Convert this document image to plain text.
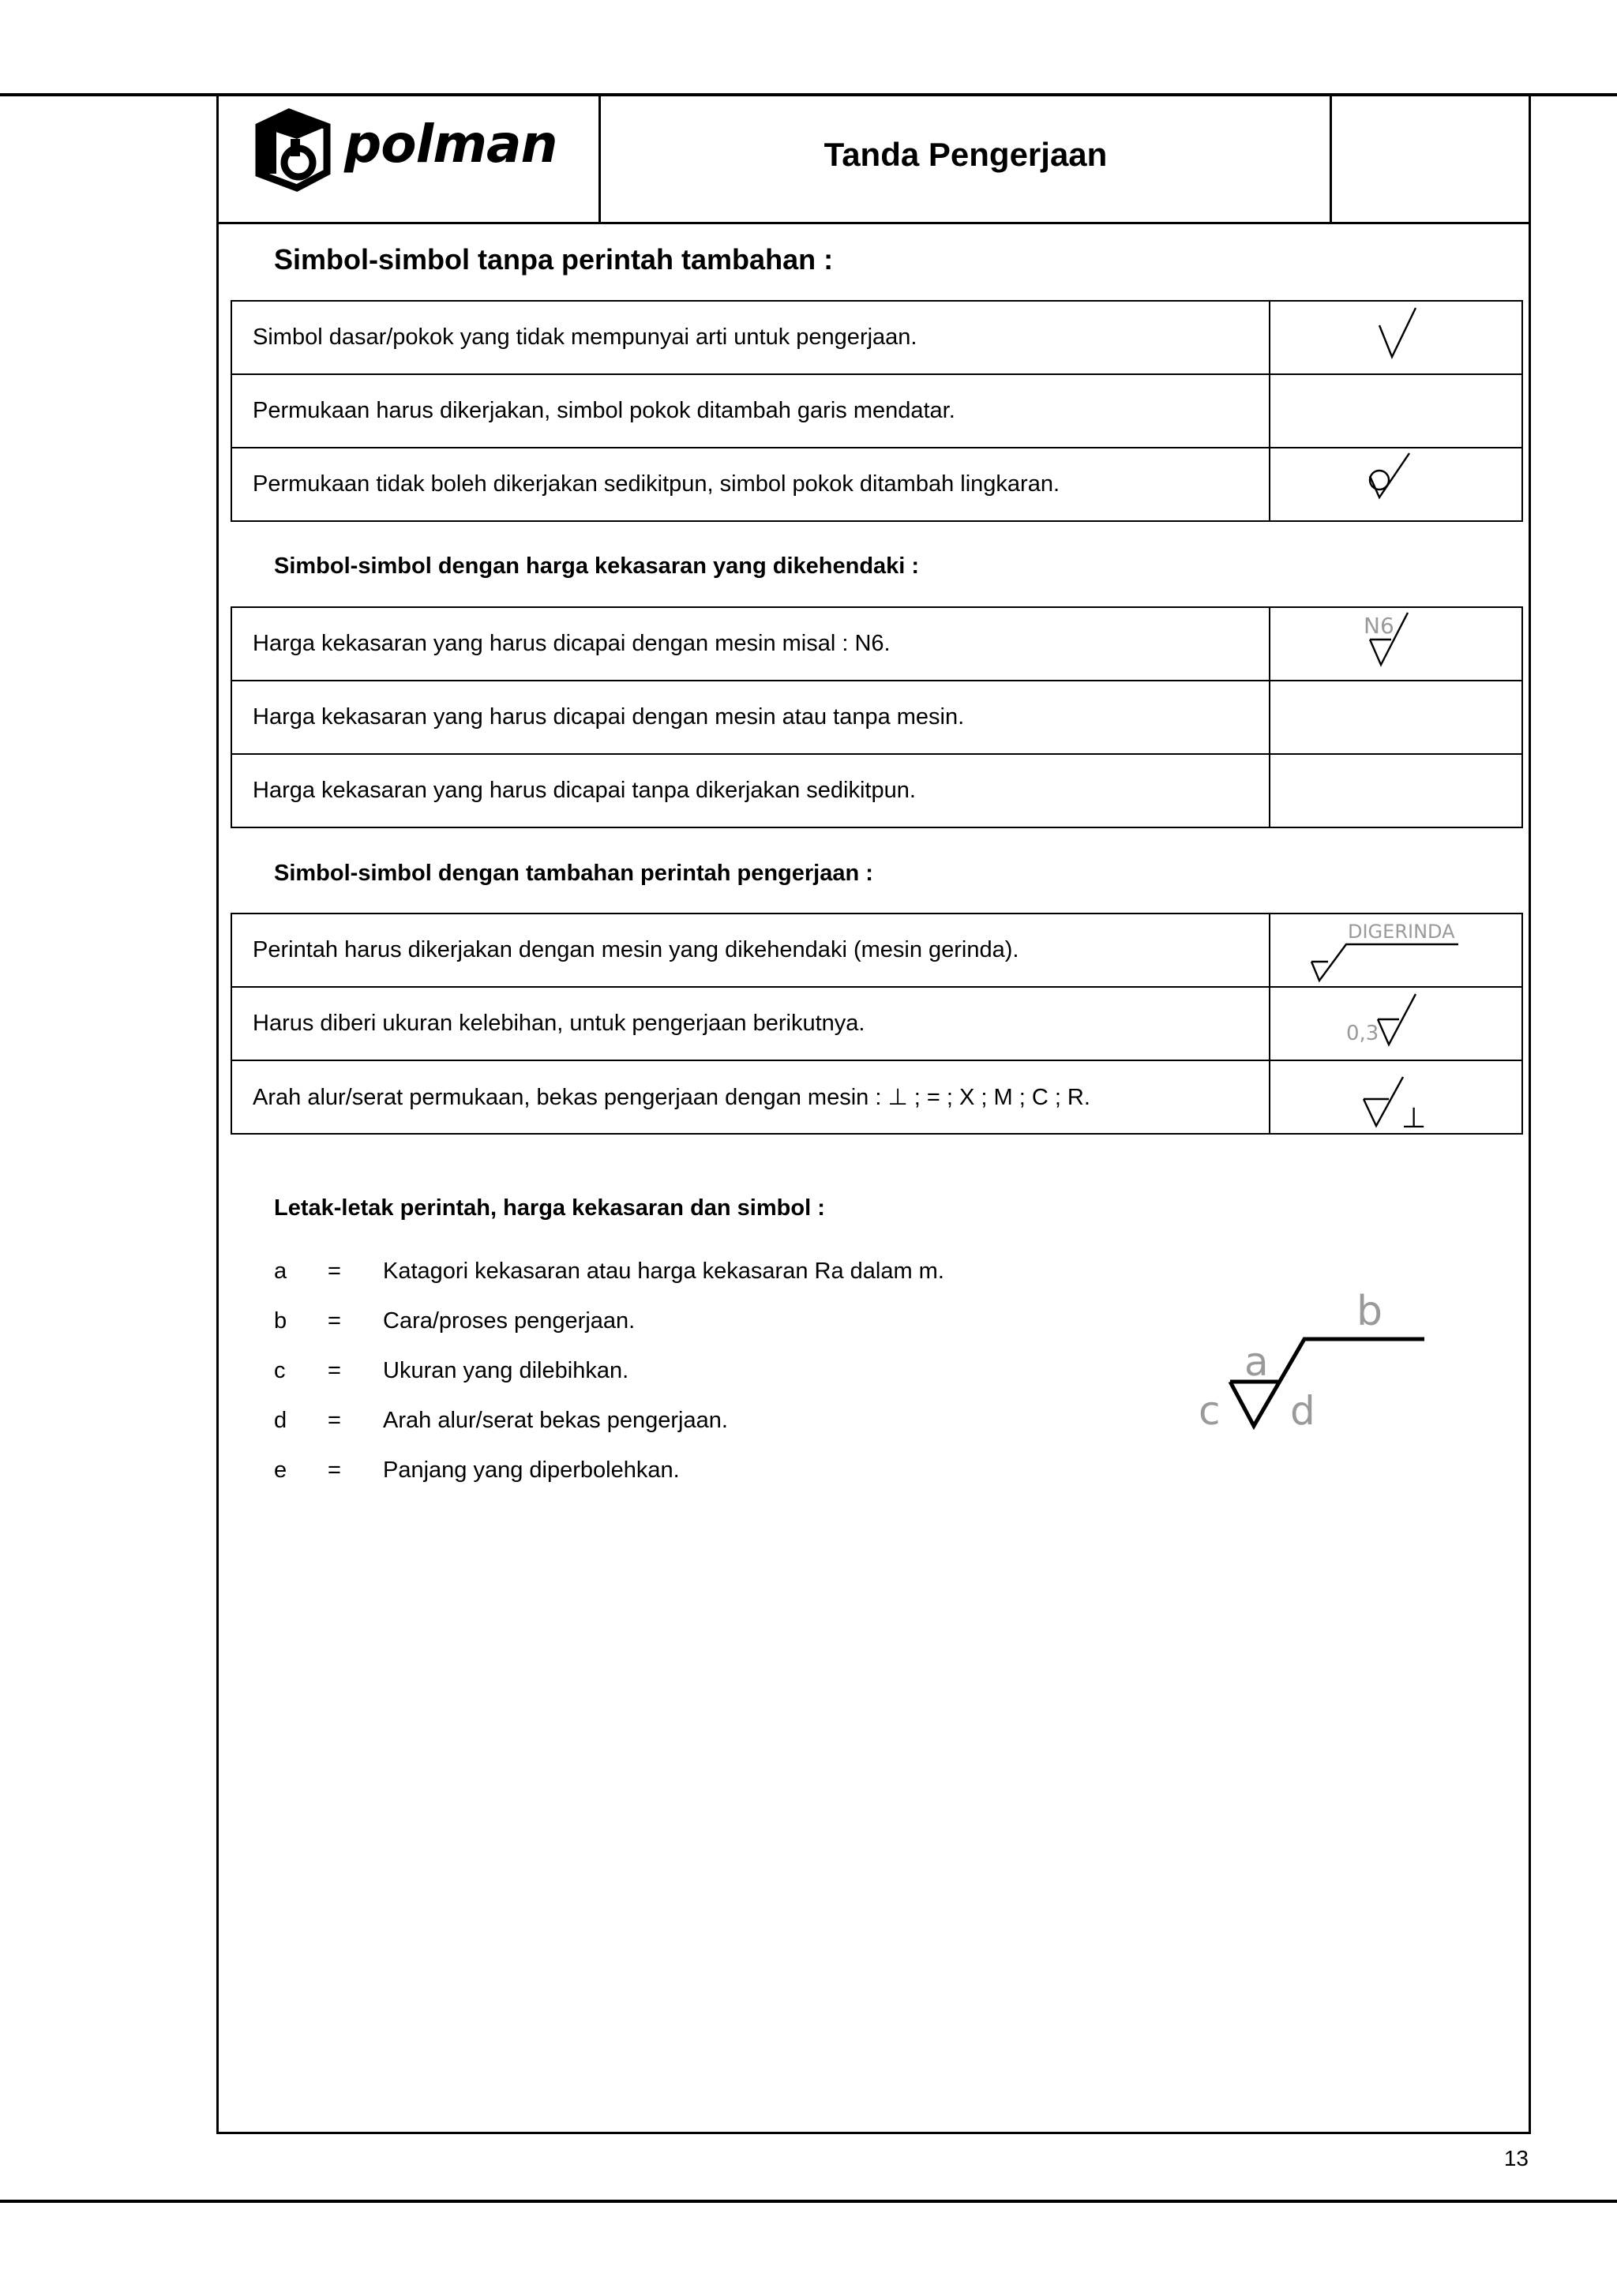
polman	Tanda Pengerjaan
Simbol-simbol tanpa perintah tambahan :
Simbol dasar/pokok yang tidak mempunyai arti untuk pengerjaan.	

Permukaan harus dikerjakan, simbol pokok ditambah garis mendatar.	
Permukaan tidak boleh dikerjakan sedikitpun, simbol pokok ditambah lingkaran.	
Simbol-simbol dengan harga kekasaran yang dikehendaki :
Harga kekasaran yang harus dicapai dengan mesin misal : N6.	N6

Harga kekasaran yang harus dicapai dengan mesin atau tanpa mesin.	
Harga kekasaran yang harus dicapai tanpa dikerjakan sedikitpun.	
Simbol-simbol dengan tambahan perintah pengerjaan :
Perintah harus dikerjakan dengan mesin yang dikehendaki (mesin gerinda).	DIGERINDA

Harus diberi ukuran kelebihan, untuk pengerjaan berikutnya.	0,3

Arah alur/serat permukaan, bekas pengerjaan dengan mesin : ⊥ ; = ; X ; M ; C ; R.	⊥
Letak-letak perintah, harga kekasaran dan simbol :
a = Katagori kekasaran atau harga kekasaran Ra dalam m.
b = Cara/proses pengerjaan.
c = Ukuran yang dilebihkan.
d = Arah alur/serat bekas pengerjaan.
e = Panjang yang diperbolehkan.
b
a
c d
13
